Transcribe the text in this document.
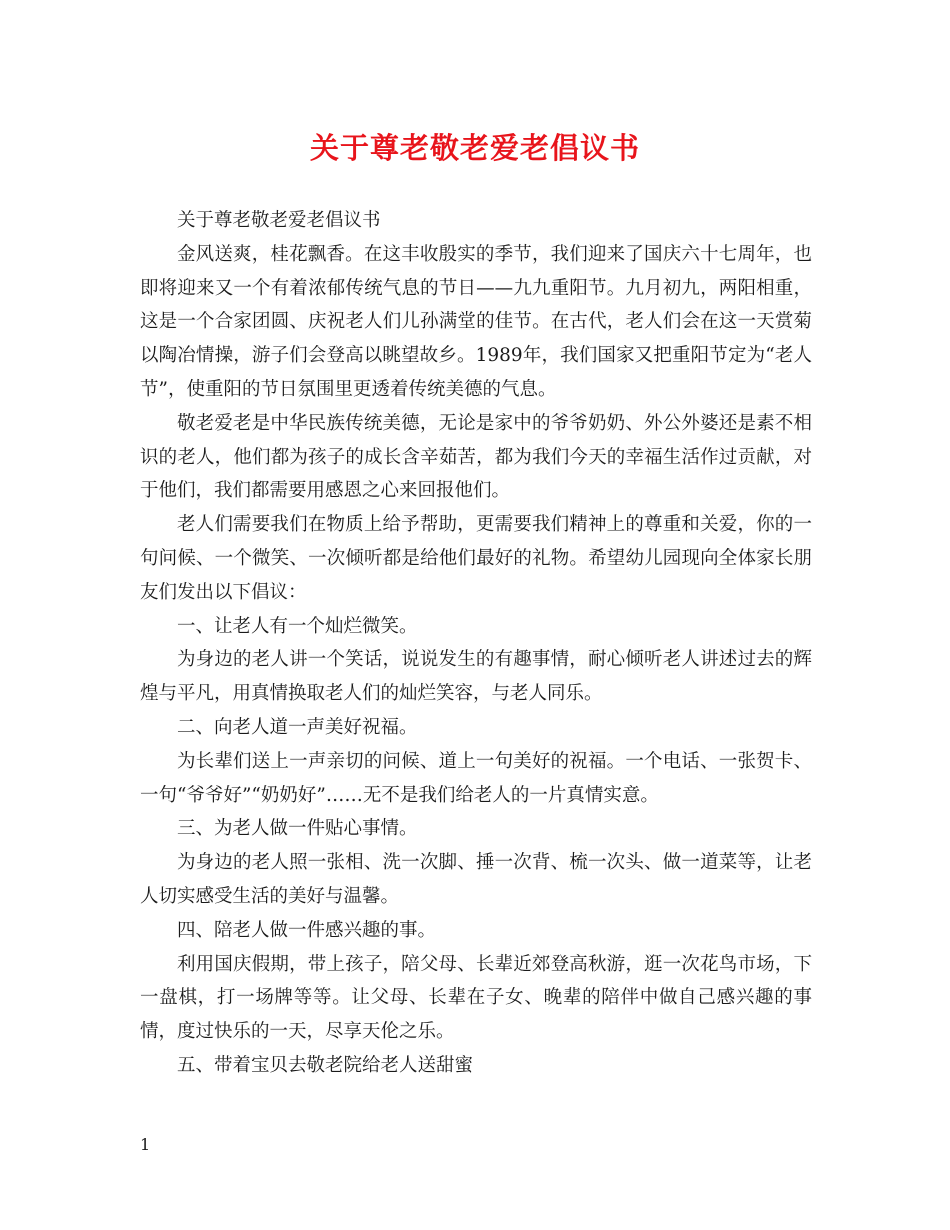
关于尊老敬老爱老倡议书

关于尊老敬老爱老倡议书

金风送爽，桂花飘香。在这丰收殷实的季节，我们迎来了国庆六十七周年，也即将迎来又一个有着浓郁传统气息的节日——九九重阳节。九月初九，两阳相重，这是一个合家团圆、庆祝老人们儿孙满堂的佳节。在古代，老人们会在这一天赏菊以陶冶情操，游子们会登高以眺望故乡。1989年，我们国家又把重阳节定为“老人节”，使重阳的节日氛围里更透着传统美德的气息。

敬老爱老是中华民族传统美德，无论是家中的爷爷奶奶、外公外婆还是素不相识的老人，他们都为孩子的成长含辛茹苦，都为我们今天的幸福生活作过贡献，对于他们，我们都需要用感恩之心来回报他们。

老人们需要我们在物质上给予帮助，更需要我们精神上的尊重和关爱，你的一句问候、一个微笑、一次倾听都是给他们最好的礼物。希望幼儿园现向全体家长朋友们发出以下倡议：

一、让老人有一个灿烂微笑。

为身边的老人讲一个笑话，说说发生的有趣事情，耐心倾听老人讲述过去的辉煌与平凡，用真情换取老人们的灿烂笑容，与老人同乐。

二、向老人道一声美好祝福。

为长辈们送上一声亲切的问候、道上一句美好的祝福。一个电话、一张贺卡、一句“爷爷好”“奶奶好”……无不是我们给老人的一片真情实意。

三、为老人做一件贴心事情。

为身边的老人照一张相、洗一次脚、捶一次背、梳一次头、做一道菜等，让老人切实感受生活的美好与温馨。

四、陪老人做一件感兴趣的事。

利用国庆假期，带上孩子，陪父母、长辈近郊登高秋游，逛一次花鸟市场，下一盘棋，打一场牌等等。让父母、长辈在子女、晚辈的陪伴中做自己感兴趣的事情，度过快乐的一天，尽享天伦之乐。

五、带着宝贝去敬老院给老人送甜蜜

1
